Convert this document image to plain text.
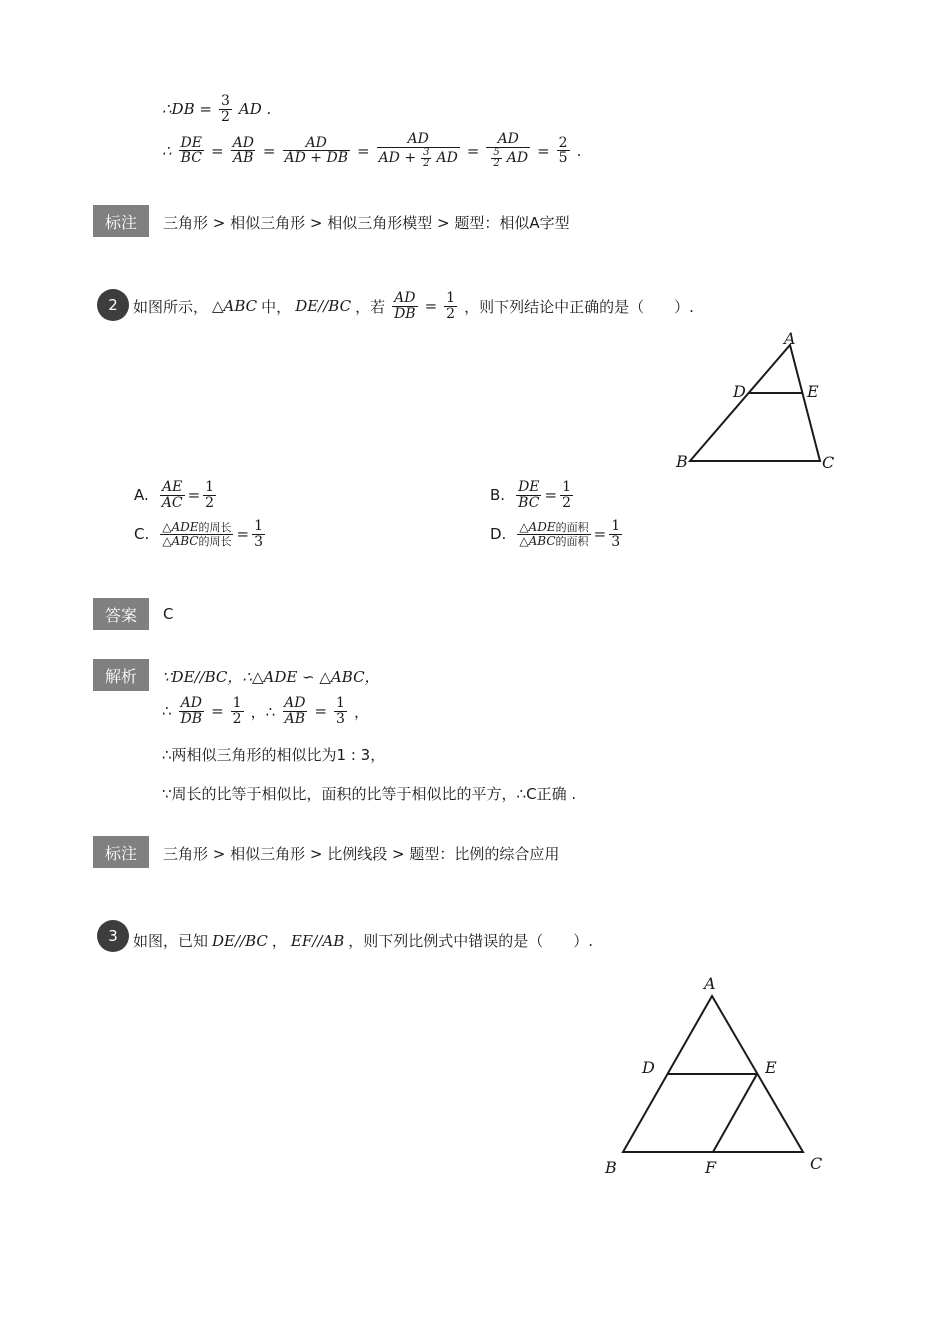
∴DB = $\frac{3}{2}$ AD .
∴ $\frac{DE}{BC} = \frac{AD}{AB} = \frac{AD}{AD + DB} = \frac{AD}{AD + \frac{3}{2} AD} = \frac{AD}{\frac{5}{2} AD} = \frac{2}{5}$ .
标注	三角形 > 相似三角形 > 相似三角形模型 > 题型：相似A字型
2	如图所示， △ABC 中， DE//BC ，若 $\frac{AD}{DB} = \frac{1}{2}$ ，则下列结论中正确的是（　　）.
A
D	E
B	C
A. $\frac{AE}{AC} = \frac{1}{2}$	B. $\frac{DE}{BC} = \frac{1}{2}$
C. $\frac{\text{△ADE的周长}}{\text{△ABC的周长}} = \frac{1}{3}$	D. $\frac{\text{△ADE的面积}}{\text{△ABC的面积}} = \frac{1}{3}$
答案	C
解析	∵DE//BC，∴△ADE ∽ △ABC，
∴ $\frac{AD}{DB} = \frac{1}{2}$ ，∴ $\frac{AD}{AB} = \frac{1}{3}$ ，
∴两相似三角形的相似比为1 : 3，
∵周长的比等于相似比，面积的比等于相似比的平方，∴C正确 .
标注	三角形 > 相似三角形 > 比例线段 > 题型：比例的综合应用
3	如图，已知 DE//BC ， EF//AB ，则下列比例式中错误的是（　　）.
A
D	E
B	F	C
